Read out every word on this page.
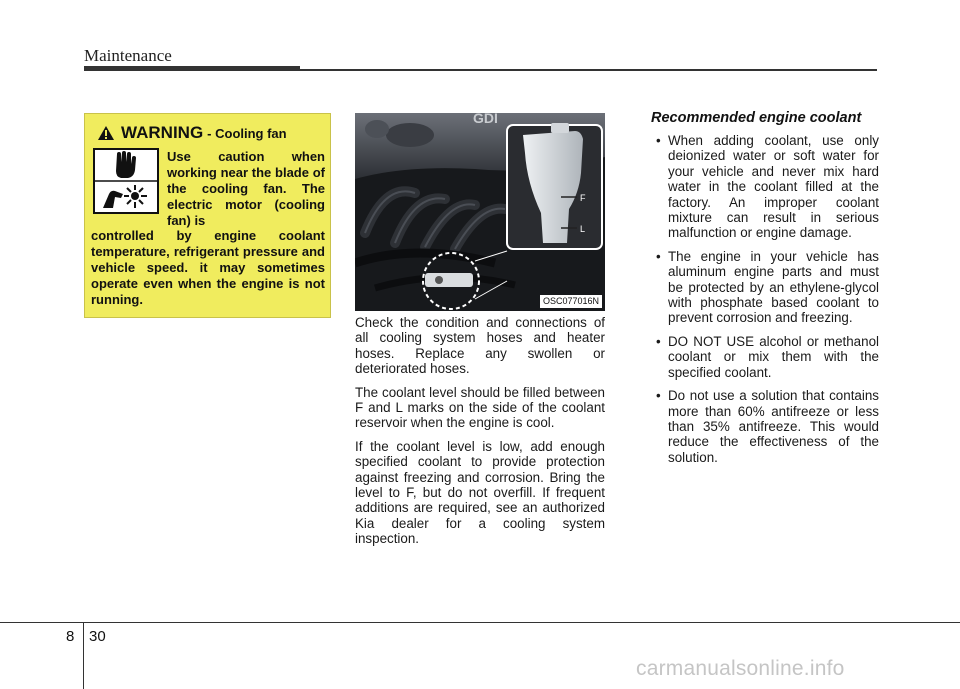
Maintenance
WARNING - Cooling fan

Use caution when working near the blade of the cooling fan. The electric motor (cooling fan) is

controlled by engine coolant temperature, refrigerant pressure and vehicle speed. it may sometimes operate even when the engine is not running.

GDI
F
L
OSC077016N

Check the condition and connections of all cooling system hoses and heater hoses. Replace any swollen or deteriorated hoses.

The coolant level should be filled between F and L marks on the side of the coolant reservoir when the engine is cool.

If the coolant level is low, add enough specified coolant to provide protection against freezing and corrosion. Bring the level to F, but do not overfill. If frequent additions are required, see an authorized Kia dealer for a cooling system inspection.

Recommended engine coolant
• When adding coolant, use only deionized water or soft water for your vehicle and never mix hard water in the coolant filled at the factory. An improper coolant mixture can result in serious malfunction or engine damage.
• The engine in your vehicle has aluminum engine parts and must be protected by an ethylene-glycol with phosphate based coolant to prevent corrosion and freezing.
• DO NOT USE alcohol or methanol coolant or mix them with the specified coolant.
• Do not use a solution that contains more than 60% antifreeze or less than 35% antifreeze. This would reduce the effectiveness of the solution.
8 30
carmanualsonline.info
